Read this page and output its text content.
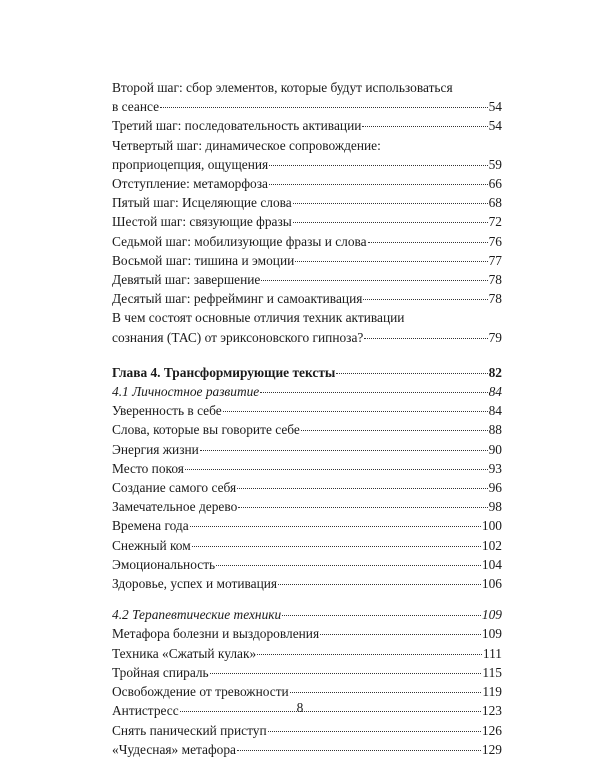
Второй шаг: сбор элементов, которые будут использоваться
в сеансе	54
Третий шаг: последовательность активации	54
Четвертый шаг: динамическое сопровождение:
проприоцепция, ощущения	59
Отступление: метаморфоза	66
Пятый шаг: Исцеляющие слова	68
Шестой шаг: связующие фразы	72
Седьмой шаг: мобилизующие фразы и слова	76
Восьмой шаг: тишина и эмоции	77
Девятый шаг: завершение	78
Десятый шаг: рефрейминг и самоактивация	78
В чем состоят основные отличия техник активации
сознания (ТАС) от эриксоновского гипноза?	79
Глава 4. Трансформирующие тексты	82
4.1 Личностное развитие	84
Уверенность в себе	84
Слова, которые вы говорите себе	88
Энергия жизни	90
Место покоя	93
Создание самого себя	96
Замечательное дерево	98
Времена года	100
Снежный ком	102
Эмоциональность	104
Здоровье, успех и мотивация	106
4.2 Терапевтические техники	109
Метафора болезни и выздоровления	109
Техника «Сжатый кулак»	111
Тройная спираль	115
Освобождение от тревожности	119
Антистресс	123
Снять панический приступ	126
«Чудесная» метафора	129
8
